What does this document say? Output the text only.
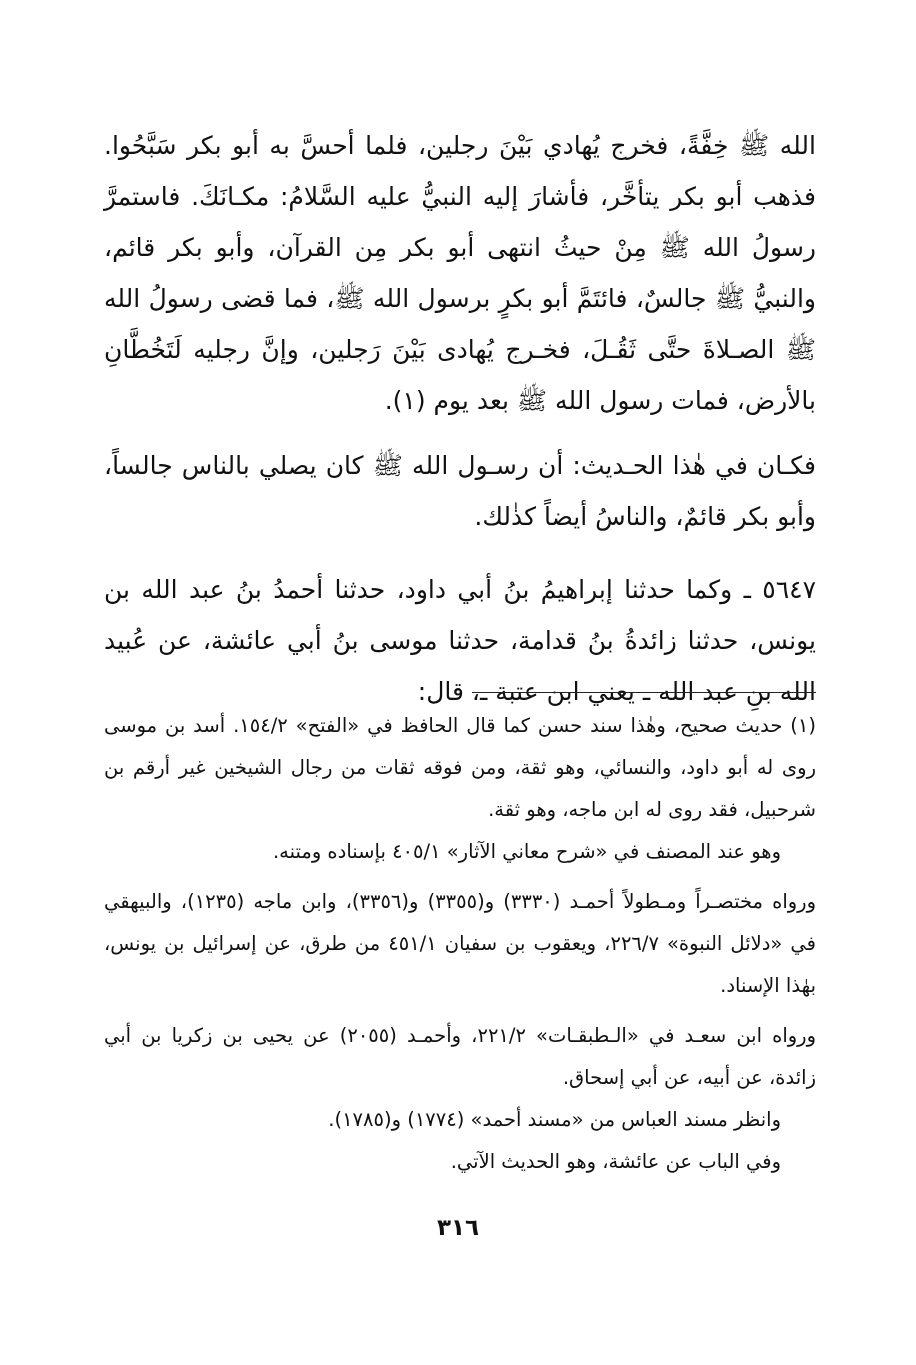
الله ﷺ خِفَّةً، فخرج يُهادي بَيْنَ رجلين، فلما أحسَّ به أبو بكر سَبَّحُوا. فذهب أبو بكر يتأخَّر، فأشارَ إليه النبيُّ عليه السَّلامُ: مكـانَكَ. فاستمرَّ رسولُ الله ﷺ مِنْ حيثُ انتهى أبو بكر مِن القرآن، وأبو بكر قائم، والنبيُّ ﷺ جالسٌ، فائتَمَّ أبو بكرٍ برسول الله ﷺ، فما قضى رسولُ الله ﷺ الصـلاةَ حتَّى ثَقُـلَ، فخـرج يُهادى بَيْنَ رَجلين، وإنَّ رجليه لَتَخُطَّانِ بالأرض، فمات رسول الله ﷺ بعد يوم (١).

فكـان في هٰذا الحـديث: أن رسـول الله ﷺ كان يصلي بالناس جالساً، وأبو بكر قائمٌ، والناسُ أيضاً كذٰلك.

٥٦٤٧ ـ وكما حدثنا إبراهيمُ بنُ أبي داود، حدثنا أحمدُ بنُ عبد الله بن يونس، حدثنا زائدةُ بنُ قدامة، حدثنا موسى بنُ أبي عائشة، عن عُبيد الله بنِ عبد الله ـ يعني ابن عتبة ـ، قال:

(١) حديث صحيح، وهٰذا سند حسن كما قال الحافظ في «الفتح» ١٥٤/٢. أسد بن موسى روى له أبو داود، والنسائي، وهو ثقة، ومن فوقه ثقات من رجال الشيخين غير أرقم بن شرحبيل، فقد روى له ابن ماجه، وهو ثقة.

وهو عند المصنف في «شرح معاني الآثار» ٤٠٥/١ بإسناده ومتنه.

ورواه مختصـراً ومـطولاً أحمـد (٣٣٣٠) و(٣٣٥٥) و(٣٣٥٦)، وابن ماجه (١٢٣٥)، والبيهقي في «دلائل النبوة» ٢٢٦/٧، ويعقوب بن سفيان ٤٥١/١ من طرق، عن إسرائيل بن يونس، بهٰذا الإسناد.

ورواه ابن سعـد في «الـطبقـات» ٢٢١/٢، وأحمـد (٢٠٥٥) عن يحيى بن زكريا بن أبي زائدة، عن أبيه، عن أبي إسحاق.

وانظر مسند العباس من «مسند أحمد» (١٧٧٤) و(١٧٨٥).

وفي الباب عن عائشة، وهو الحديث الآتي.

٣١٦
